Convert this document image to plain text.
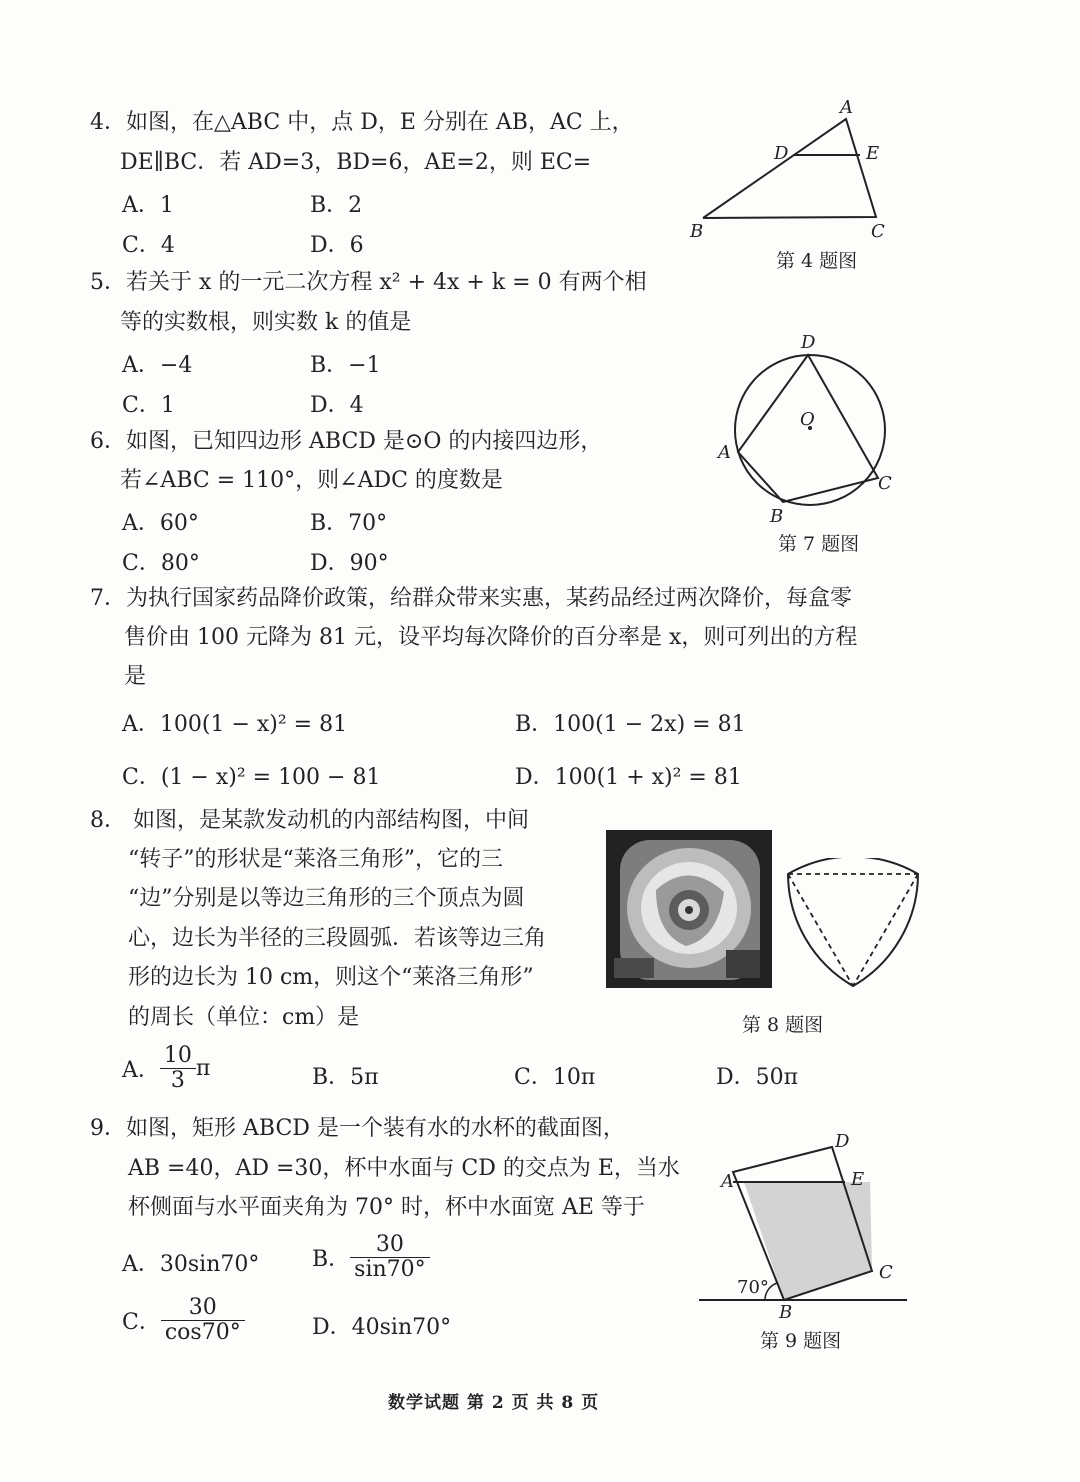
4．如图，在△ABC 中，点 D，E 分别在 AB，AC 上，
DE∥BC．若 AD=3，BD=6，AE=2，则 EC=
A．1	B．2
C．4	D．6
A
D	E
B	C
第 4 题图
5．若关于 x 的一元二次方程 x² + 4x + k = 0 有两个相
等的实数根，则实数 k 的值是
A．−4	B．−1
C．1	D．4
D
O
A
C
B
第 7 题图
6．如图，已知四边形 ABCD 是⊙O 的内接四边形，
若∠ABC = 110°，则∠ADC 的度数是
A．60°	B．70°
C．80°	D．90°
7．为执行国家药品降价政策，给群众带来实惠，某药品经过两次降价，每盒零
售价由 100 元降为 81 元，设平均每次降价的百分率是 x，则可列出的方程
是
A．100(1 − x)² = 81	B．100(1 − 2x) = 81
C．(1 − x)² = 100 − 81	D．100(1 + x)² = 81
8． 如图，是某款发动机的内部结构图，中间
“转子”的形状是“莱洛三角形”，它的三
“边”分别是以等边三角形的三个顶点为圆
心，边长为半径的三段圆弧．若该等边三角
形的边长为 10 cm，则这个“莱洛三角形”
的周长（单位：cm）是	第 8 题图
A． $\frac{10}{3}$ π	B．5π	C．10π	D．50π
9．如图，矩形 ABCD 是一个装有水的水杯的截面图，
AB =40，AD =30，杯中水面与 CD 的交点为 E，当水
杯侧面与水平面夹角为 70° 时，杯中水面宽 AE 等于
A．30sin70° B． $\frac{30}{\sin 70^\circ}$
C． $\frac{30}{\cos 70^\circ}$	D．40sin70°
D
A	E
C
B
70°
第 9 题图
数学试题 第 2 页 共 8 页
